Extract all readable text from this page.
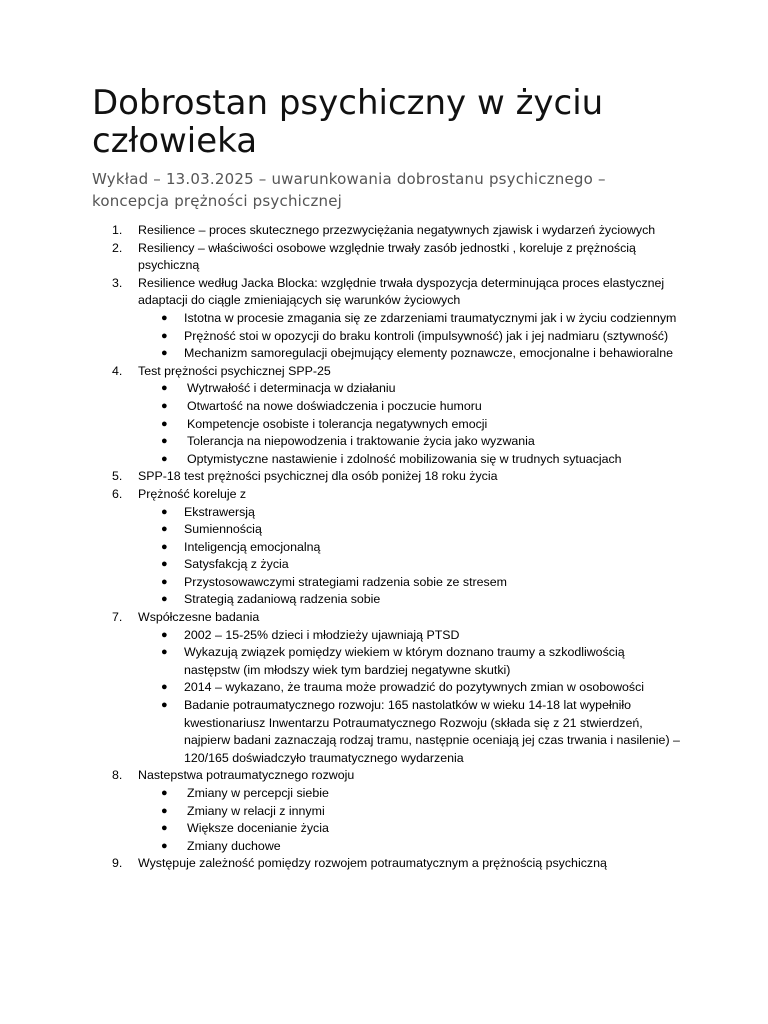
Dobrostan psychiczny w życiu człowieka
Wykład – 13.03.2025 – uwarunkowania dobrostanu psychicznego – koncepcja prężności psychicznej
1. Resilience – proces skutecznego przezwyciężania negatywnych zjawisk i wydarzeń życiowych
2. Resiliency – właściwości osobowe względnie trwały zasób jednostki , koreluje z prężnością psychiczną
3. Resilience według Jacka Blocka: względnie trwała dyspozycja determinująca proces elastycznej adaptacji do ciągle zmieniających się warunków życiowych
● Istotna w procesie zmagania się ze zdarzeniami traumatycznymi jak i w życiu codziennym
● Prężność stoi w opozycji do braku kontroli (impulsywność) jak i jej nadmiaru (sztywność)
● Mechanizm samoregulacji obejmujący elementy poznawcze, emocjonalne i behawioralne
4. Test prężności psychicznej SPP-25
● Wytrwałość i determinacja w działaniu
● Otwartość na nowe doświadczenia i poczucie humoru
● Kompetencje osobiste i tolerancja negatywnych emocji
● Tolerancja na niepowodzenia i traktowanie życia jako wyzwania
● Optymistyczne nastawienie i zdolność mobilizowania się w trudnych sytuacjach
5. SPP-18 test prężności psychicznej dla osób poniżej 18 roku życia
6. Prężność koreluje z
● Ekstrawersją
● Sumiennością
● Inteligencją emocjonalną
● Satysfakcją z życia
● Przystosowawczymi strategiami radzenia sobie ze stresem
● Strategią zadaniową radzenia sobie
7. Współczesne badania
● 2002 – 15-25% dzieci i młodzieży ujawniają PTSD
● Wykazują związek pomiędzy wiekiem w którym doznano traumy a szkodliwością następstw (im młodszy wiek tym bardziej negatywne skutki)
● 2014 – wykazano, że trauma może prowadzić do pozytywnych zmian w osobowości
● Badanie potraumatycznego rozwoju: 165 nastolatków w wieku 14-18 lat wypełniło kwestionariusz Inwentarzu Potraumatycznego Rozwoju (składa się z 21 stwierdzeń, najpierw badani zaznaczają rodzaj tramu, następnie oceniają jej czas trwania i nasilenie) – 120/165 doświadczyło traumatycznego wydarzenia
8. Nastepstwa potraumatycznego rozwoju
● Zmiany w percepcji siebie
● Zmiany w relacji z innymi
● Większe docenianie życia
● Zmiany duchowe
9. Występuje zależność pomiędzy rozwojem potraumatycznym a prężnością psychiczną
